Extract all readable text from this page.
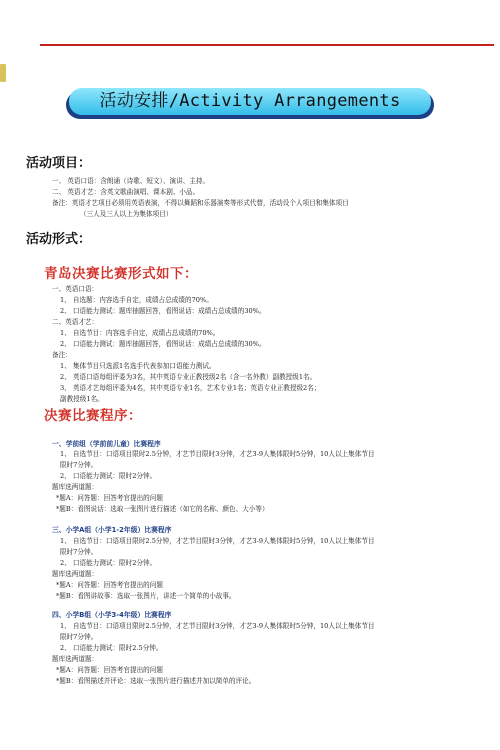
活动安排/Activity Arrangements
活动项目：
一、 英语口语：含朗诵（诗歌、短文）、演讲、主持。
二、 英语才艺：含英文歌曲演唱、课本剧、小品。
备注：英语才艺项目必须用英语表演，不得以舞蹈和乐器演奏等形式代替，活动设个人项目和集体项目
（三人及三人以上为集体项目）
活动形式：
青岛决赛比赛形式如下：
一、英语口语：
1、 自选题：内容选手自定，成绩占总成绩的70%。
2、 口语能力测试：题库抽题回答，看图说话：成绩占总成绩的30%。
二、英语才艺：
1、 自选节目：内容选手自定，成绩占总成绩的70%。
2、 口语能力测试：题库抽题回答，看图说话：成绩占总成绩的30%。
备注：
1、 集体节目只选派1名选手代表参加口语能力测试。
2、 英语口语每组评委为3名，其中英语专业正教授级2名（含一名外教）副教授级1名。
3、 英语才艺每组评委为4名，其中英语专业1名，艺术专业1名；英语专业正教授级2名；
副教授级1名。
决赛比赛程序：
一、学前组（学前前儿童）比赛程序
1、 自选节目：口语项目限时2.5分钟，才艺节目限时3分钟，才艺3-9人集体限时5分钟，10人以上集体节目
限时7分钟。
2、 口语能力测试：限时2分钟。
题库选两道题：
*题A：问答题：回答考官提出的问题
*题B：看图说话：选取一张图片进行描述（如它的名称、颜色、大小等）
三、小学A组（小学1-2年级）比赛程序
1、 自选节目：口语项目限时2.5分钟，才艺节目限时3分钟，才艺3-9人集体限时5分钟，10人以上集体节目
限时7分钟。
2、 口语能力测试：限时2分钟。
题库选两道题：
*题A：问答题：回答考官提出的问题
*题B：看图讲故事：选取一张图片，讲述一个简单的小故事。
四、小学B组（小学3-4年级）比赛程序
1、 自选节目：口语项目限时2.5分钟，才艺节目限时3分钟，才艺3-9人集体限时5分钟，10人以上集体节目
限时7分钟。
2、 口语能力测试：限时2.5分钟。
题库选两道题：
*题A：问答题：回答考官提出的问题
*题B：看图描述并评论：选取一张图片进行描述并加以简单的评论。
